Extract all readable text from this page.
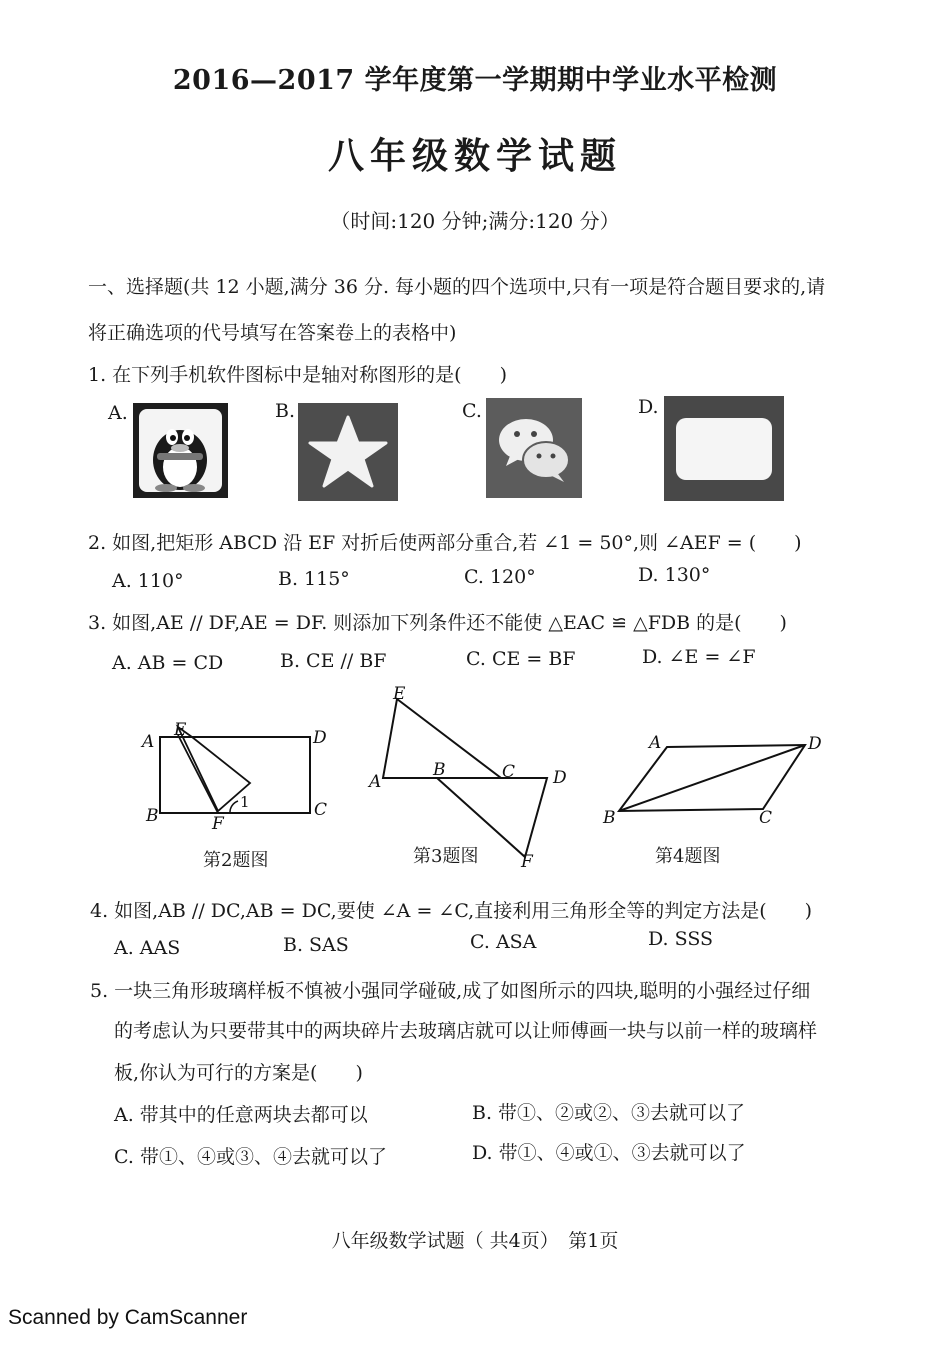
2016—2017 学年度第一学期期中学业水平检测
八年级数学试题
（时间:120 分钟;满分:120 分）
一、选择题(共 12 小题,满分 36 分. 每小题的四个选项中,只有一项是符合题目要求的,请
将正确选项的代号填写在答案卷上的表格中)
1. 在下列手机软件图标中是轴对称图形的是(　　)
A.	B.	C.	D.
2. 如图,把矩形 ABCD 沿 EF 对折后使两部分重合,若 ∠1 = 50°,则 ∠AEF = (　　)
A. 110°	B. 115°	C. 120°	D. 130°
3. 如图,AE // DF,AE = DF. 则添加下列条件还不能使 △EAC ≌ △FDB 的是(　　)
A. AB = CD	B. CE // BF	C. CE = BF	D. ∠E = ∠F
A
E	D
B	F
C
1
第2题图
E
A
B	C D
F
第3题图
A	D
B	C
第4题图
4. 如图,AB // DC,AB = DC,要使 ∠A = ∠C,直接利用三角形全等的判定方法是(　　)
A. AAS	B. SAS	C. ASA	D. SSS
5. 一块三角形玻璃样板不慎被小强同学碰破,成了如图所示的四块,聪明的小强经过仔细
的考虑认为只要带其中的两块碎片去玻璃店就可以让师傅画一块与以前一样的玻璃样
板,你认为可行的方案是(　　)
A. 带其中的任意两块去都可以	B. 带①、②或②、③去就可以了
C. 带①、④或③、④去就可以了	D. 带①、④或①、③去就可以了
八年级数学试题（ 共4页）　第1页
Scanned by CamScanner
